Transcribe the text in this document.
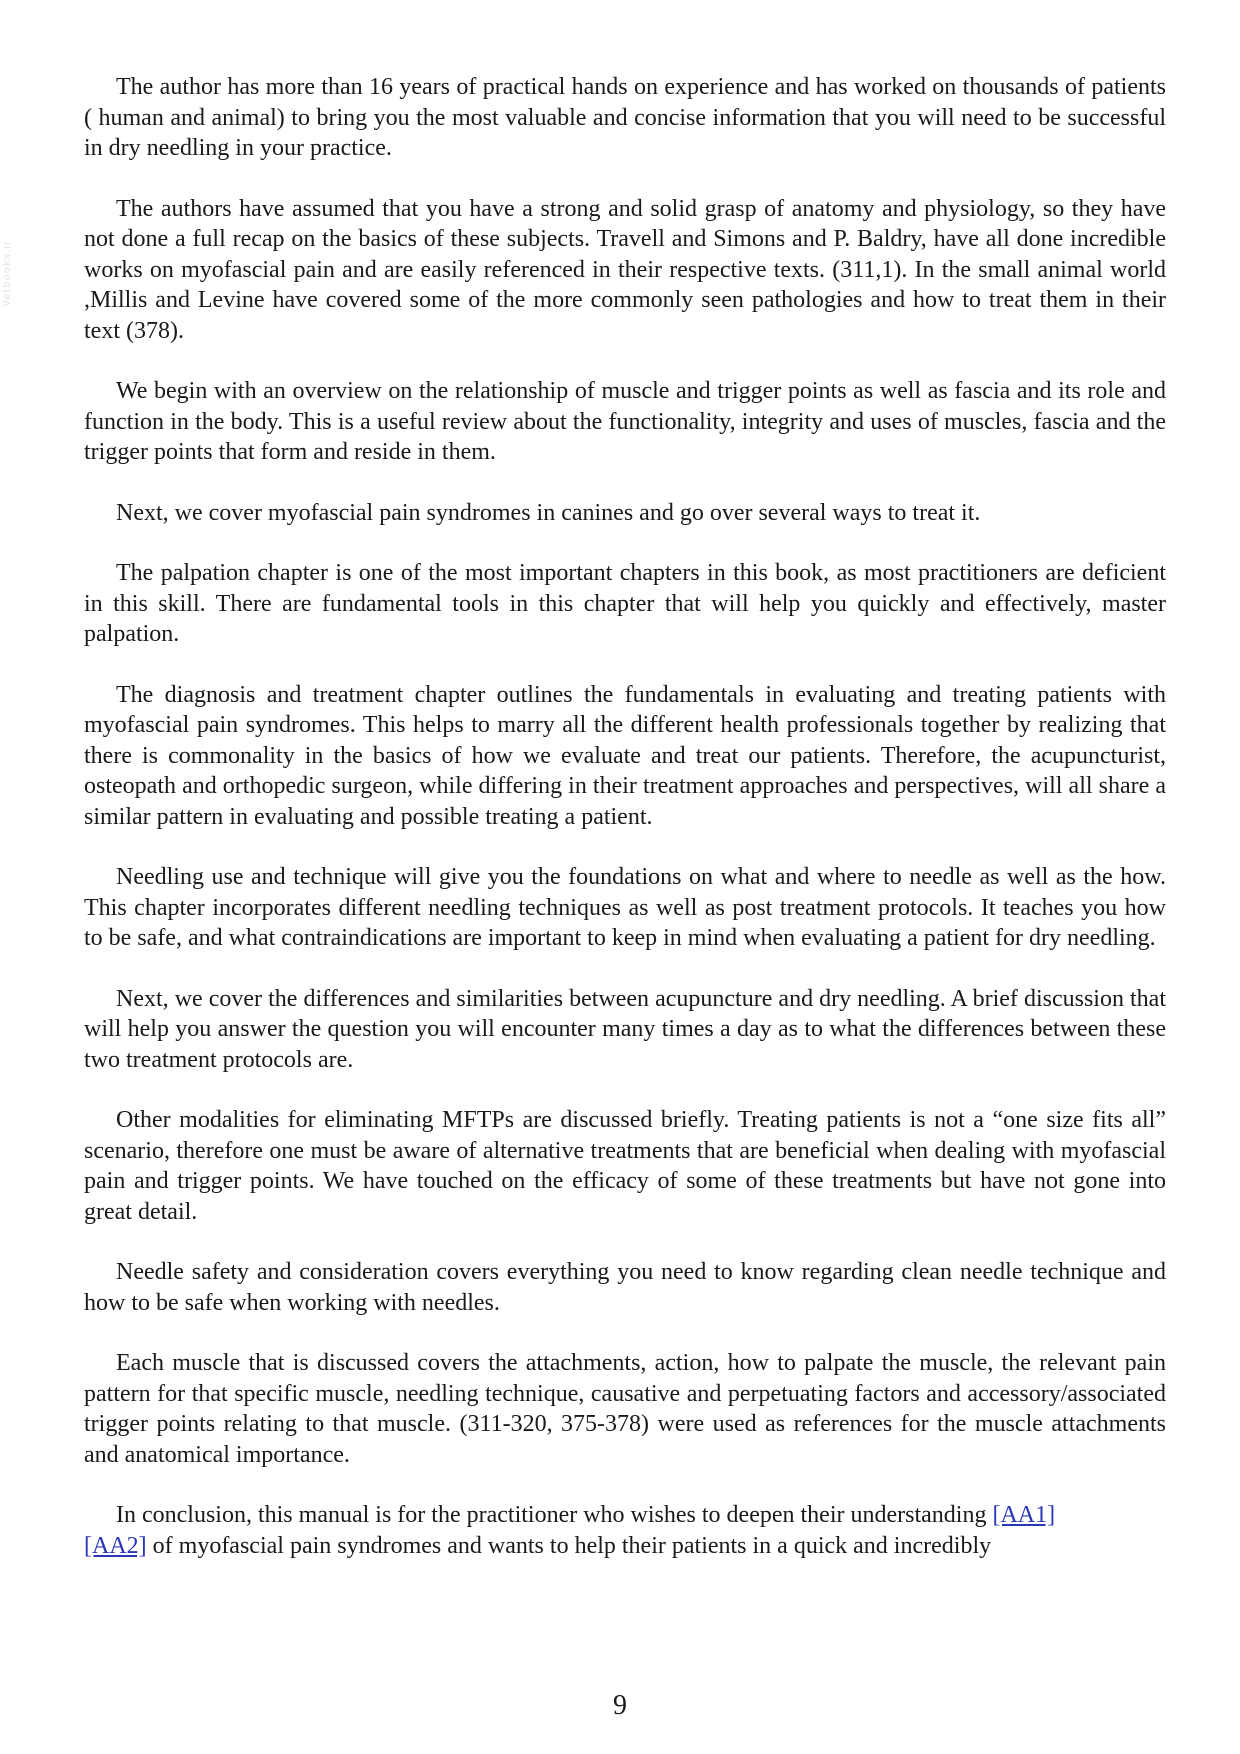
Vetbooks.ir

The author has more than 16 years of practical hands on experience and has worked on thousands of patients ( human and animal) to bring you the most valuable and concise information that you will need to be successful in dry needling in your practice.

The authors have assumed that you have a strong and solid grasp of anatomy and physiology, so they have not done a full recap on the basics of these subjects. Travell and Simons and P. Baldry, have all done incredible works on myofascial pain and are easily referenced in their respective texts. (311,1). In the small animal world ,Millis and Levine have covered some of the more commonly seen pathologies and how to treat them in their text (378).

We begin with an overview on the relationship of muscle and trigger points as well as fascia and its role and function in the body. This is a useful review about the functionality, integrity and uses of muscles, fascia and the trigger points that form and reside in them.

Next, we cover myofascial pain syndromes in canines and go over several ways to treat it.

The palpation chapter is one of the most important chapters in this book, as most practitioners are deficient in this skill. There are fundamental tools in this chapter that will help you quickly and effectively, master palpation.

The diagnosis and treatment chapter outlines the fundamentals in evaluating and treating patients with myofascial pain syndromes. This helps to marry all the different health professionals together by realizing that there is commonality in the basics of how we evaluate and treat our patients. Therefore, the acupuncturist, osteopath and orthopedic surgeon, while differing in their treatment approaches and perspectives, will all share a similar pattern in evaluating and possible treating a patient.

Needling use and technique will give you the foundations on what and where to needle as well as the how. This chapter incorporates different needling techniques as well as post treatment protocols. It teaches you how to be safe, and what contraindications are important to keep in mind when evaluating a patient for dry needling.

Next, we cover the differences and similarities between acupuncture and dry needling. A brief discussion that will help you answer the question you will encounter many times a day as to what the differences between these two treatment protocols are.

Other modalities for eliminating MFTPs are discussed briefly. Treating patients is not a “one size fits all” scenario, therefore one must be aware of alternative treatments that are beneficial when dealing with myofascial pain and trigger points. We have touched on the efficacy of some of these treatments but have not gone into great detail.

Needle safety and consideration covers everything you need to know regarding clean needle technique and how to be safe when working with needles.

Each muscle that is discussed covers the attachments, action, how to palpate the muscle, the relevant pain pattern for that specific muscle, needling technique, causative and perpetuating factors and accessory/associated trigger points relating to that muscle. (311-320, 375-378) were used as references for the muscle attachments and anatomical importance.

In conclusion, this manual is for the practitioner who wishes to deepen their understanding [AA1]
[AA2] of myofascial pain syndromes and wants to help their patients in a quick and incredibly

9
